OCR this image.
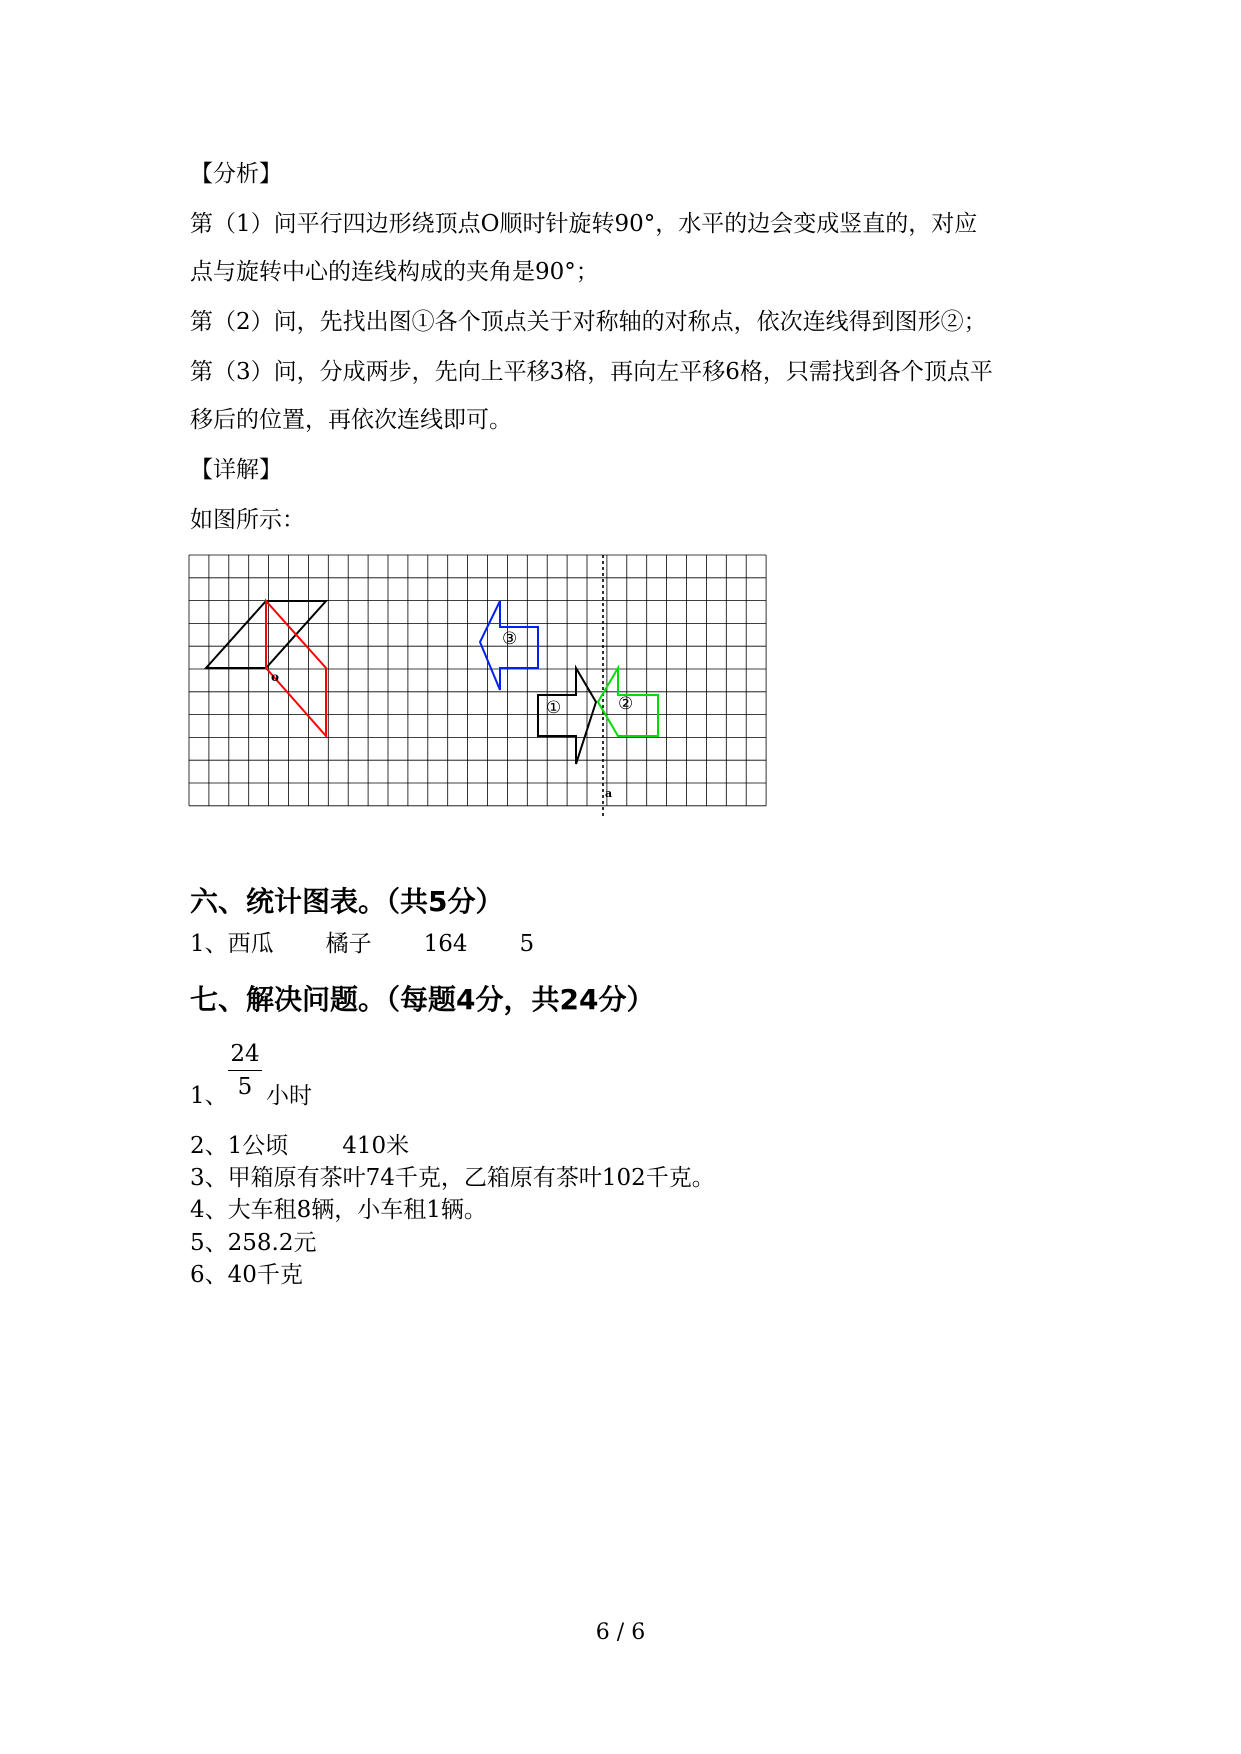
【分析】
第（1）问平行四边形绕顶点O顺时针旋转90°，水平的边会变成竖直的，对应
点与旋转中心的连线构成的夹角是90°；
第（2）问，先找出图①各个顶点关于对称轴的对称点，依次连线得到图形②；
第（3）问，分成两步，先向上平移3格，再向左平移6格，只需找到各个顶点平
移后的位置，再依次连线即可。
【详解】
如图所示：
o
①	②
③
a
六、统计图表。（共5分）
1、西瓜 橘子 164 5
七、解决问题。（每题4分，共24分）
1、
24
5 小时
2、1公顷 410米
3、甲箱原有茶叶74千克，乙箱原有茶叶102千克。
4、大车租8辆，小车租1辆。
5、258.2元
6、40千克
6 / 6
